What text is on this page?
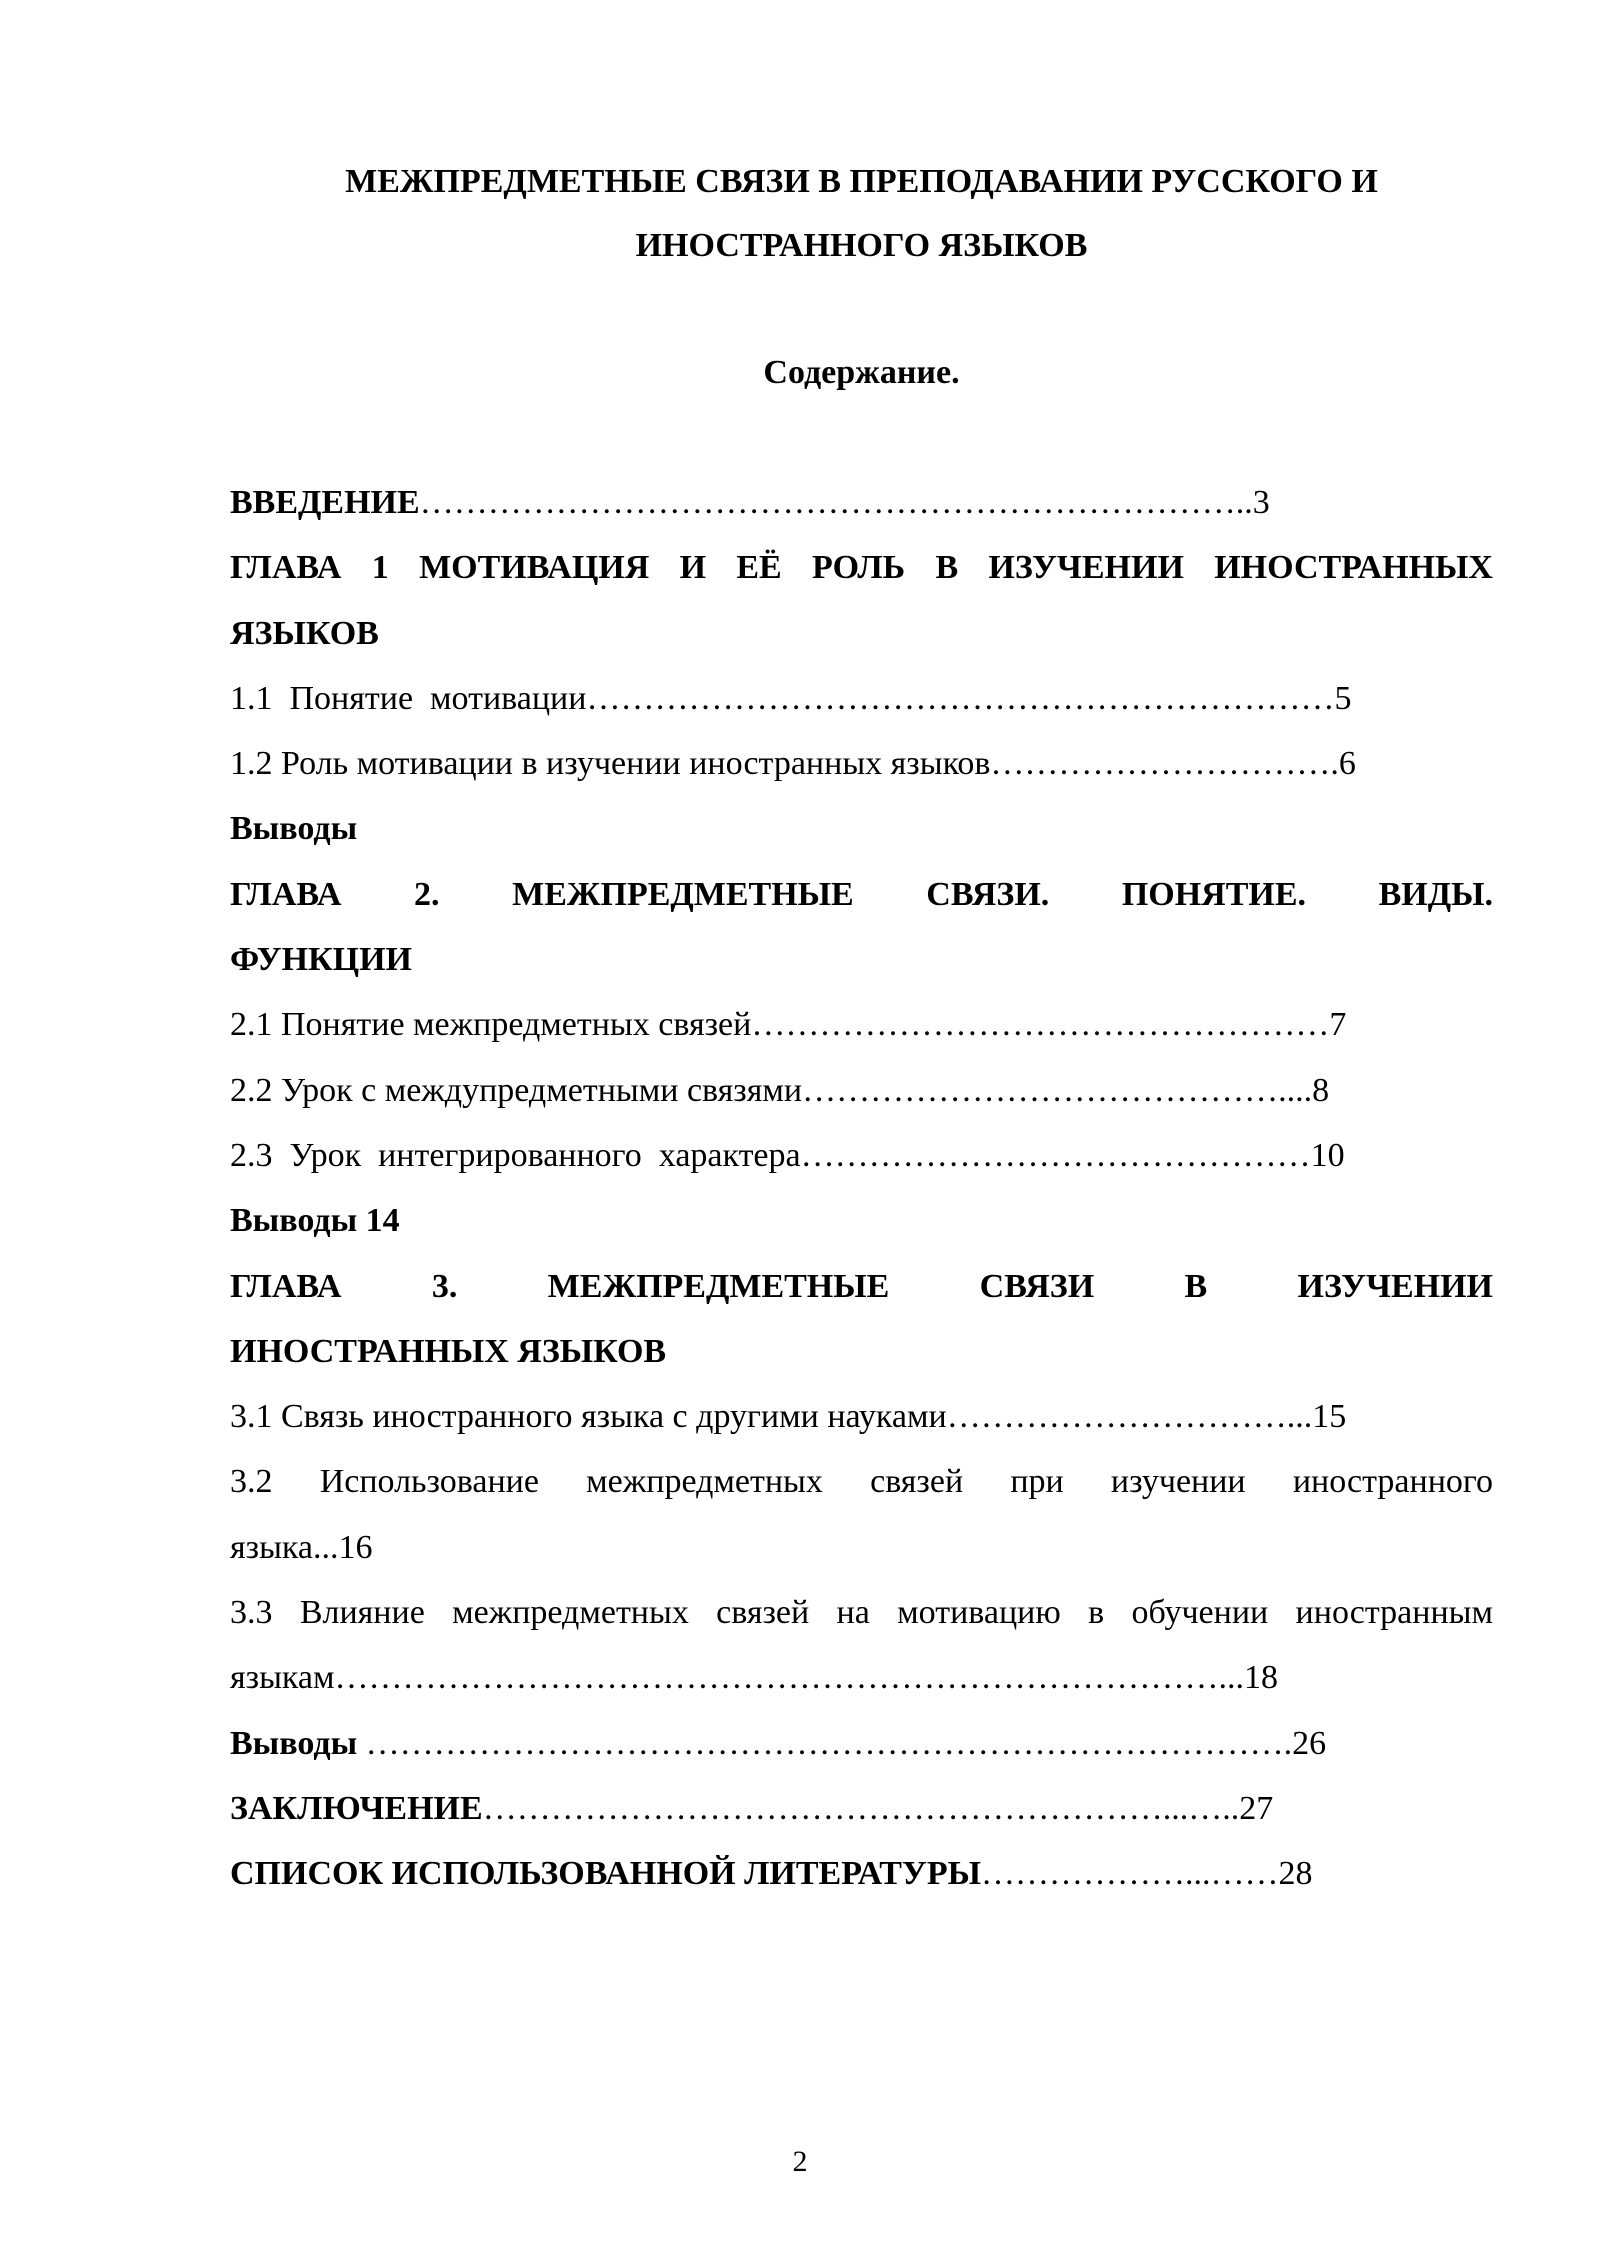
МЕЖПРЕДМЕТНЫЕ СВЯЗИ В ПРЕПОДАВАНИИ РУССКОГО И
ИНОСТРАННОГО ЯЗЫКОВ
Содержание.
ВВЕДЕНИЕ………………………………………………………………..3
ГЛАВА 1 МОТИВАЦИЯ И ЕЁ РОЛЬ В ИЗУЧЕНИИ ИНОСТРАННЫХ
ЯЗЫКОВ
1.1  Понятие  мотивации…………………………………………………………5
1.2 Роль мотивации в изучении иностранных языков………………………….6
Выводы
ГЛАВА 2. МЕЖПРЕДМЕТНЫЕ СВЯЗИ. ПОНЯТИЕ. ВИДЫ.
ФУНКЦИИ
2.1 Понятие межпредметных связей……………………………………………7
2.2 Урок с междупредметными связями……………………………………....8
2.3  Урок  интегрированного  характера………………………………………10
Выводы 14
ГЛАВА 3. МЕЖПРЕДМЕТНЫЕ СВЯЗИ В ИЗУЧЕНИИ
ИНОСТРАННЫХ ЯЗЫКОВ
3.1 Связь иностранного языка с другими науками…………………………...15
3.2 Использование межпредметных связей при изучении иностранного
языка...16
3.3 Влияние межпредметных связей на мотивацию в обучении иностранным
языкам……………………………………………………………………...18
Выводы ……………………………………………………………………….26
ЗАКЛЮЧЕНИЕ……………………………………………………...…..27
СПИСОК ИСПОЛЬЗОВАННОЙ ЛИТЕРАТУРЫ………………...……28
2
